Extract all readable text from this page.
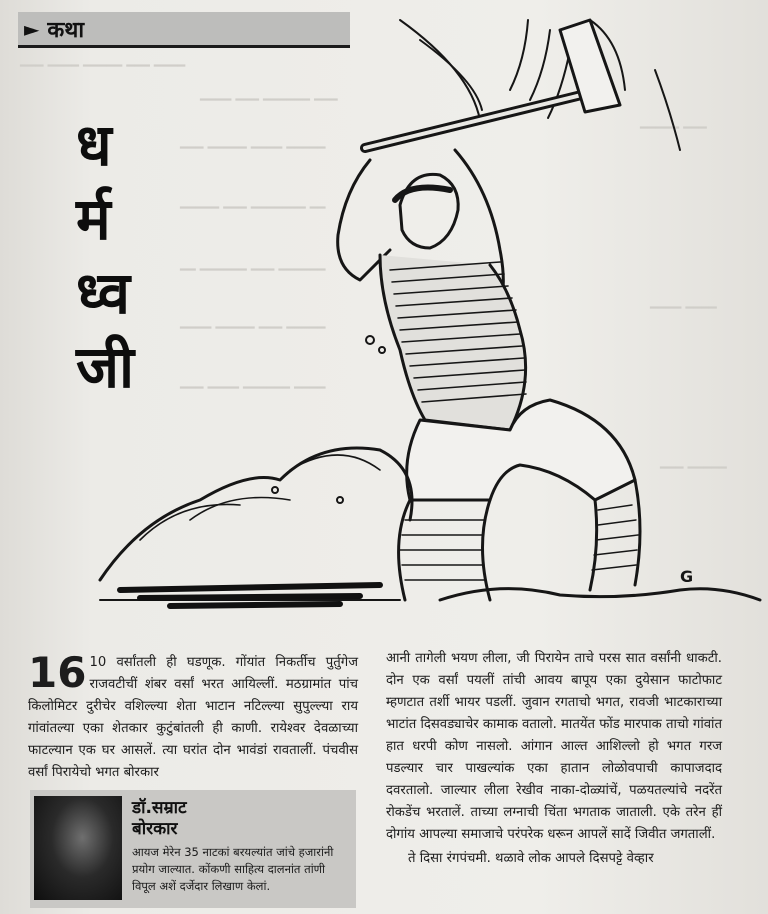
━━━ ━━━━ ━━━━━ ━━━ ━━━━
━━━━ ━━━ ━━━━━━ ━━━
━━━ ━━━━━ ━━━━ ━━━━━
━━━━━ ━━━ ━━━━━━━ ━━
━━ ━━━━━━ ━━━ ━━━━━━
━━━━ ━━━━━ ━━━ ━━━━━
━━━ ━━━━ ━━━━━━ ━━━━
━━━━━ ━━━
━━━━ ━━━━
━━━ ━━━━━
► कथा
G
ध
र्म
ध्व
जी
16 10 वर्सांतली ही घडणूक. गोंयांत निकर्तीच पुर्तुगेज राजवटीचीं शंबर वर्सां भरत आयिल्लीं. मठग्रामांत पांच किलोमिटर दुरीचेर वशिल्ल्या शेता भाटान नटिल्ल्या सुपुल्ल्या राय गांवांतल्या एका शेतकार कुटुंबांतली ही काणी. रायेश्वर देवळाच्या फाटल्यान एक घर आसलें. त्या घरांत दोन भावंडां रावतालीं. पंचवीस वर्सां पिरायेचो भगत बोरकार
डॉ.सम्राट
बोरकार
आयज मेरेन 35 नाटकां बरयल्यांत जांचे हजारांनी प्रयोग जाल्यात. कोंकणी साहित्य दालनांत तांणी विपूल अशें दर्जेदार लिखाण केलां.

आनी तागेली भयण लीला, जी पिरायेन ताचे परस सात वर्सांनी धाकटी. दोन एक वर्सां पयलीं तांची आवय बापूय एका दुयेसान फाटोफाट म्हणटात तर्शी भायर पडलीं. जुवान रगताचो भगत, रावजी भाटकाराच्या भाटांत दिसवड्याचेर कामाक वतालो. मातयेंत फोंड मारपाक ताचो गांवांत हात धरपी कोण नासलो. आंगान आल्त आशिल्लो हो भगत गरज पडल्यार चार पाखल्यांक एका हातान लोळोवपाची कापाजदाद दवरतालो. जाल्यार लीला रेखीव नाका-दोळ्यांचें, पळयतल्यांचे नदरेंत रोकडेंच भरतालें. ताच्या लग्नाची चिंता भगताक जाताली. एके तरेन हीं दोगांय आपल्या समाजाचे परंपरेक धरून आपलें सादें जिवीत जगतालीं.

ते दिसा रंगपंचमी. थळावे लोक आपले दिसपट्टे वेव्हार
